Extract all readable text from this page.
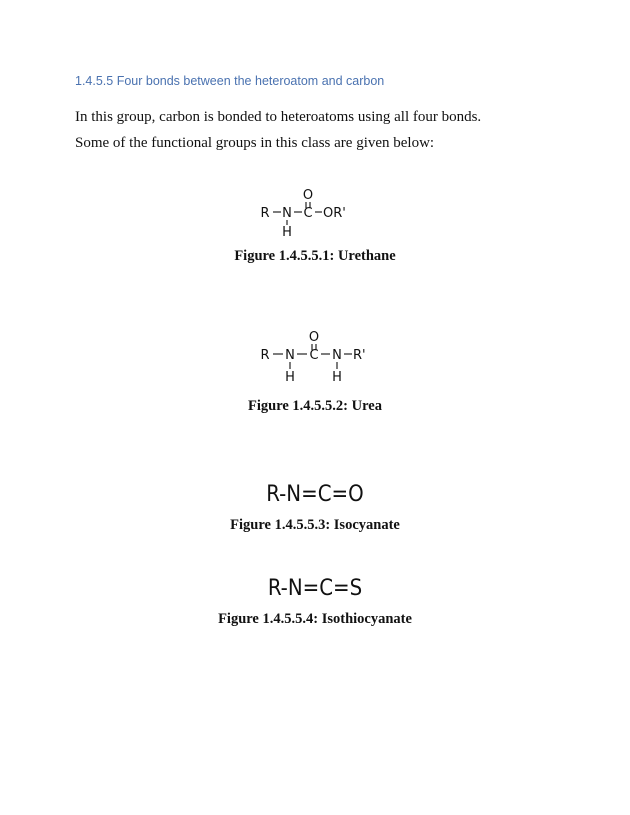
1.4.5.5 Four bonds between the heteroatom and carbon
In this group, carbon is bonded to heteroatoms using all four bonds.
Some of the functional groups in this class are given below:
O
R N C OR'
H
Figure 1.4.5.5.1: Urethane
O
R N C N R'
H	H
Figure 1.4.5.5.2: Urea
R-N=C=O
Figure 1.4.5.5.3: Isocyanate
R-N=C=S
Figure 1.4.5.5.4: Isothiocyanate
